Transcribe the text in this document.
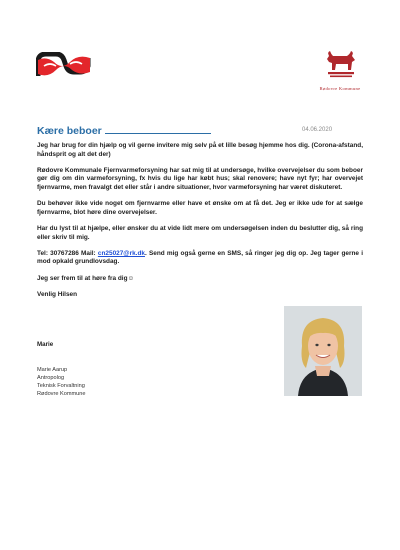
Rødovre Kommune
Kære beboer	04.06.2020

Jeg har brug for din hjælp og vil gerne invitere mig selv på et lille besøg hjemme hos dig. (Corona-afstand, håndsprit og alt det der)

Rødovre Kommunale Fjernvarmeforsyning har sat mig til at undersøge, hvilke overvejelser du som beboer gør dig om din varmeforsyning, fx hvis du lige har købt hus; skal renovere; have nyt fyr; har overvejet fjernvarme, men fravalgt det eller står i andre situationer, hvor varmeforsyning har været diskuteret.

Du behøver ikke vide noget om fjernvarme eller have et ønske om at få det. Jeg er ikke ude for at sælge fjernvarme, blot høre dine overvejelser.

Har du lyst til at hjælpe, eller ønsker du at vide lidt mere om undersøgelsen inden du beslutter dig, så ring eller skriv til mig.

Tel: 30767286 Mail: cn25027@rk.dk. Send mig også gerne en SMS, så ringer jeg dig op. Jeg tager gerne i mod opkald grundlovsdag.

Jeg ser frem til at høre fra dig☺

Venlig Hilsen

Marie
Marie Aarup
Antropolog
Teknisk Forvaltning
Rødovre Kommune
